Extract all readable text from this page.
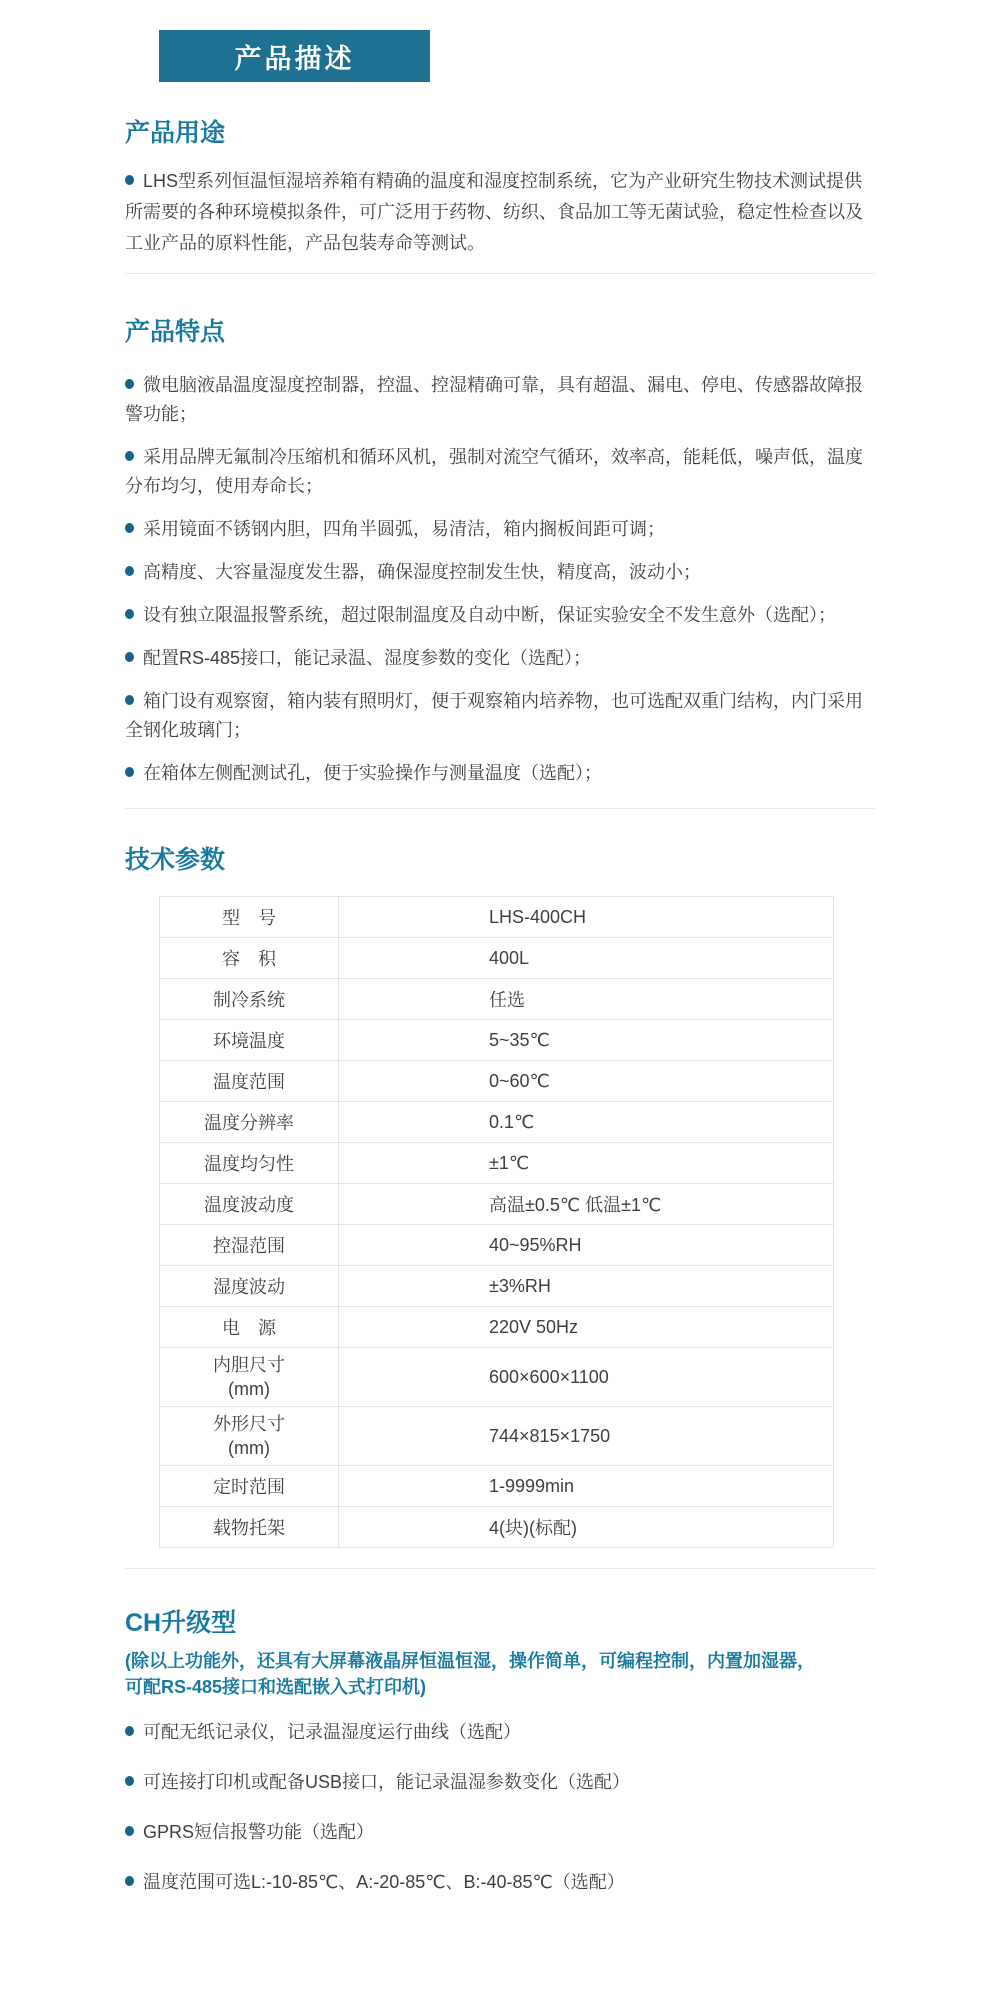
产品描述
产品用途

LHS型系列恒温恒湿培养箱有精确的温度和湿度控制系统，它为产业研究生物技术测试提供所需要的各种环境模拟条件，可广泛用于药物、纺织、食品加工等无菌试验，稳定性检查以及工业产品的原料性能，产品包装寿命等测试。

产品特点

微电脑液晶温度湿度控制器，控温、控湿精确可靠，具有超温、漏电、停电、传感器故障报警功能；

采用品牌无氟制冷压缩机和循环风机，强制对流空气循环，效率高，能耗低，噪声低，温度分布均匀，使用寿命长；

采用镜面不锈钢内胆，四角半圆弧，易清洁，箱内搁板间距可调；

高精度、大容量湿度发生器，确保湿度控制发生快，精度高，波动小；

设有独立限温报警系统，超过限制温度及自动中断，保证实验安全不发生意外（选配）；

配置RS-485接口，能记录温、湿度参数的变化（选配）；

箱门设有观察窗，箱内装有照明灯，便于观察箱内培养物，也可选配双重门结构，内门采用全钢化玻璃门；

在箱体左侧配测试孔，便于实验操作与测量温度（选配）；

技术参数
型　号	LHS-400CH
容　积	400L
制冷系统	任选
环境温度	5~35℃
温度范围	0~60℃
温度分辨率	0.1℃
温度均匀性	±1℃
温度波动度	高温±0.5℃ 低温±1℃
控湿范围	40~95%RH
湿度波动	±3%RH
电　源	220V 50Hz

内胆尺寸
(mm)	600×600×1100

外形尺寸
(mm)	744×815×1750
定时范围	1-9999min
载物托架	4(块)(标配)
CH升级型

(除以上功能外，还具有大屏幕液晶屏恒温恒湿，操作简单，可编程控制，内置加湿器，可配RS-485接口和选配嵌入式打印机)

可配无纸记录仪，记录温湿度运行曲线（选配）

可连接打印机或配备USB接口，能记录温湿参数变化（选配）

GPRS短信报警功能（选配）

温度范围可选L:-10-85℃、A:-20-85℃、B:-40-85℃（选配）
